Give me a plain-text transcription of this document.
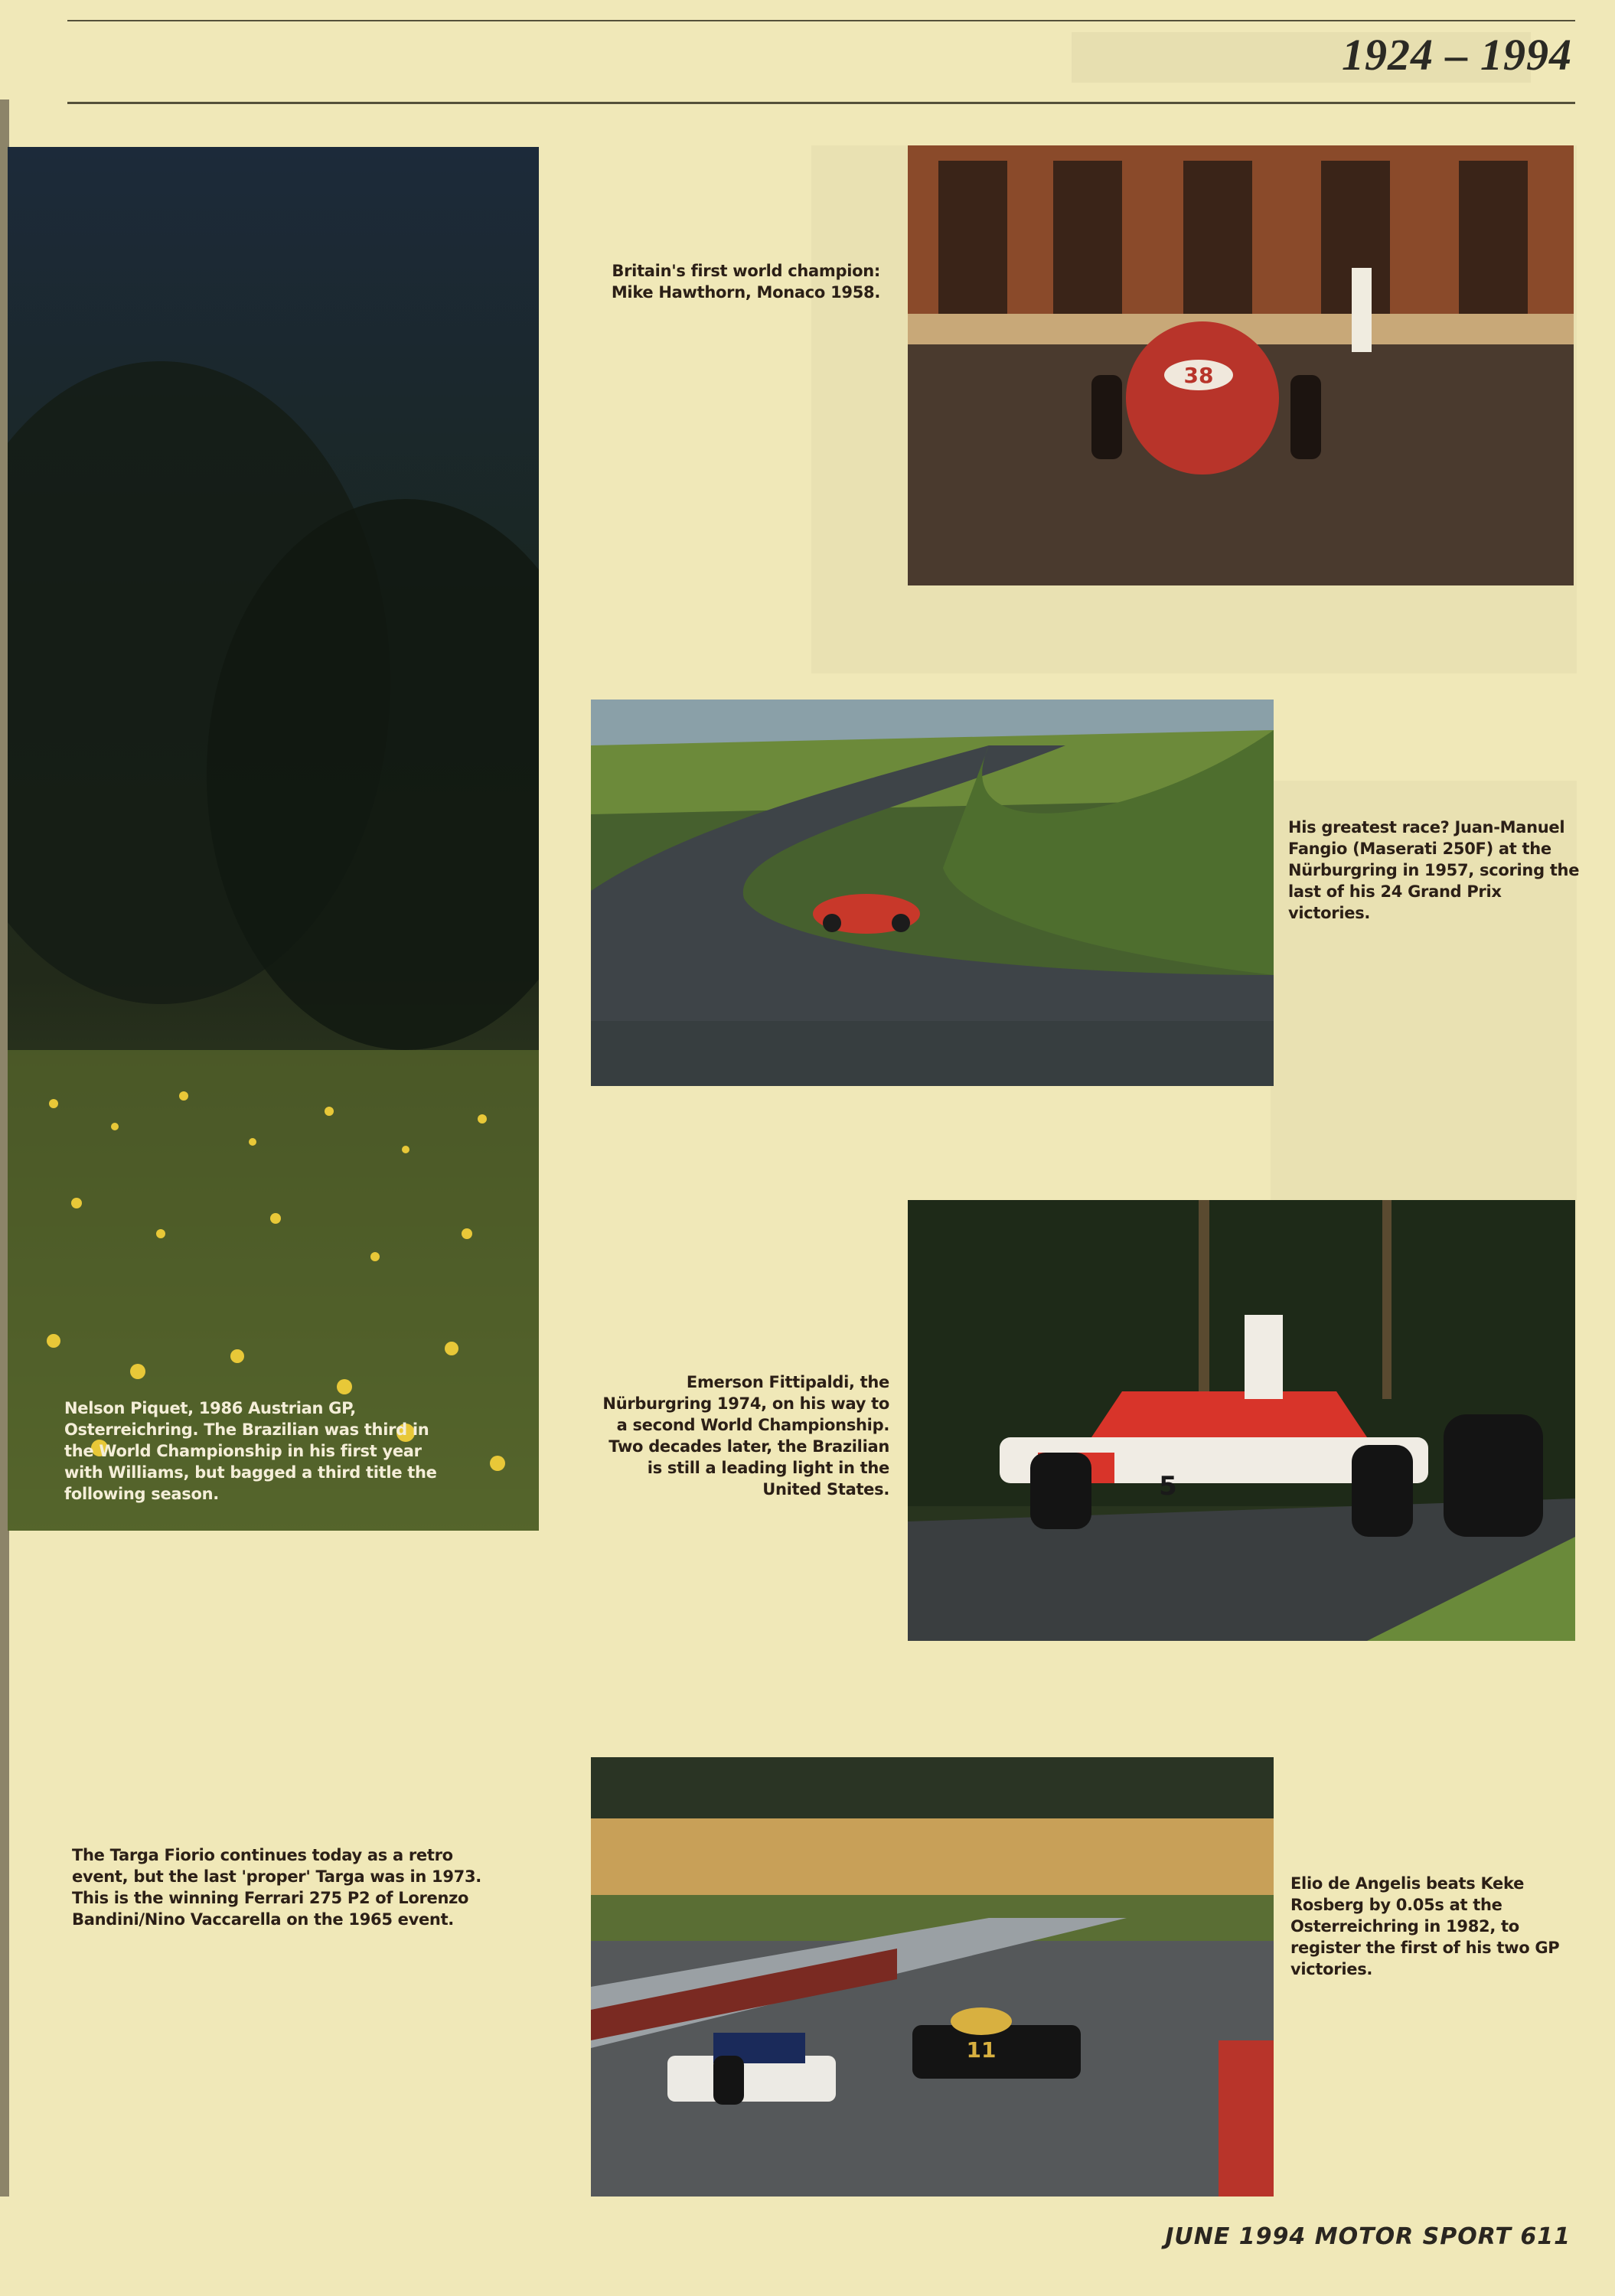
1924 – 1994
Nelson Piquet, 1986 Austrian GP, Osterreichring. The Brazilian was third in the World Championship in his first year with Williams, but bagged a third title the following season.
38
Britain's first world champion: Mike Hawthorn, Monaco 1958.
His greatest race? Juan-Manuel Fangio (Maserati 250F) at the Nürburgring in 1957, scoring the last of his 24 Grand Prix victories.
5
Emerson Fittipaldi, the Nürburgring 1974, on his way to a second World Championship. Two decades later, the Brazilian is still a leading light in the United States.
The Targa Fiorio continues today as a retro event, but the last 'proper' Targa was in 1973. This is the winning Ferrari 275 P2 of Lorenzo Bandini/Nino Vaccarella on the 1965 event.
11
Elio de Angelis beats Keke Rosberg by 0.05s at the Osterreichring in 1982, to register the first of his two GP victories.
JUNE 1994 MOTOR SPORT 611
